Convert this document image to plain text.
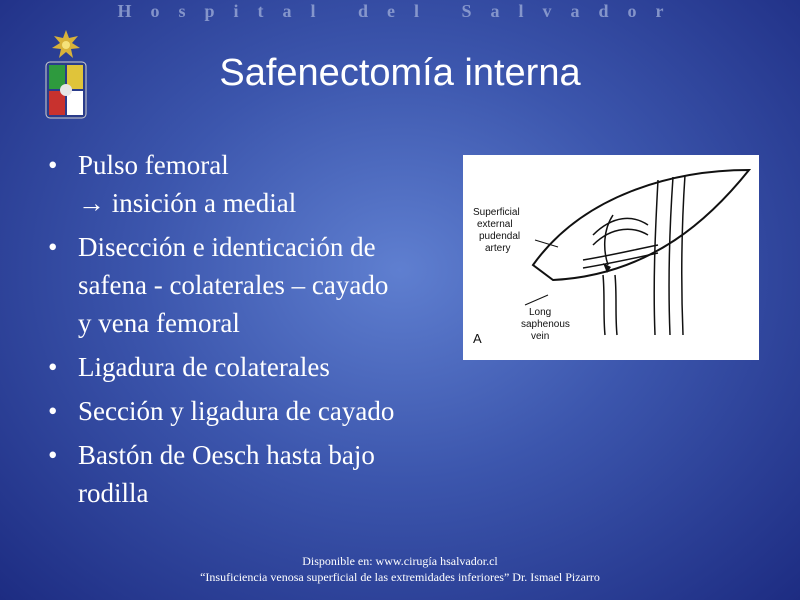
Hospital del Salvador
Safenectomía interna
• Pulso femoral
→ insición a medial
• Disección e identicación de
safena - colaterales – cayado
y vena femoral
• Ligadura de colaterales
• Sección y ligadura de cayado
• Bastón de Oesch hasta bajo
rodilla
Superficial
external
pudendal
artery
Long
saphenous
vein
A
Disponible en: www.cirugía hsalvador.cl
“Insuficiencia venosa superficial de las extremidades inferiores” Dr. Ismael Pizarro
